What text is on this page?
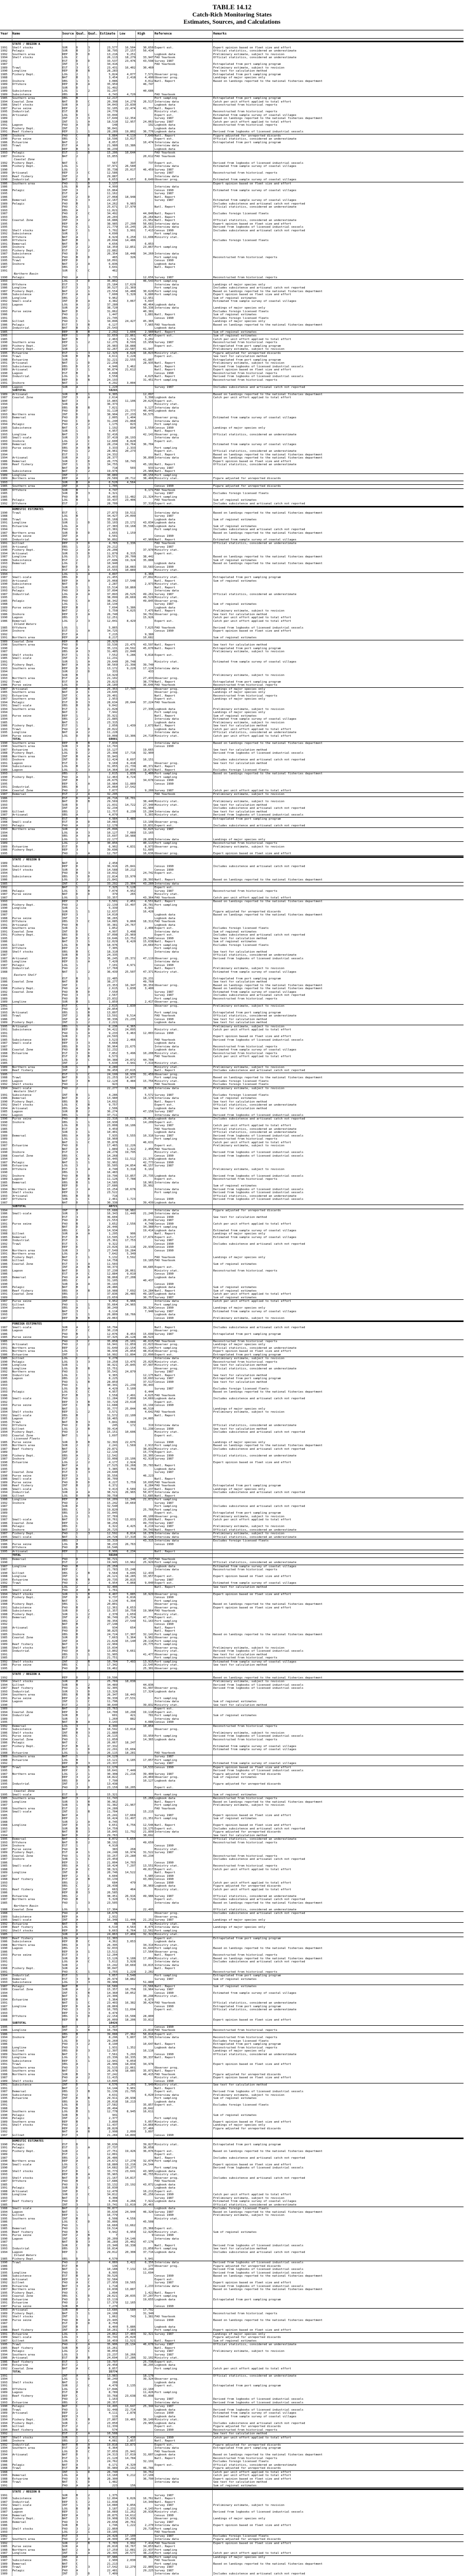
TABLE 14.12
Catch-Rich Monitoring States
Estimates, Sources, and Calculations
Year Name	Source Qual. Qual. Estimate Low	High	Reference	Remarks
STATE / REGION A
1991	Shelf stocks	SUR	D	3	23,577	16,504	30,650 Expert est.	Expert opinion based on fleet size and effort
1992	Pelagic	SUR	B	3	38,795	27,157	50,434	Official statistics, considered an underestimate
1992	Southern area	REP	D	D	13,216	9,251	Logbook data	Preliminary estimate, subject to revision
1994	Shelf stocks	LOG	C	26,113	18,279	33,947 FAO Yearbook	Official statistics, considered an underestimate
1992	EST	D	D	33,537	23,476	43,598 Survey 1987
1987	INT	3	34,416	FAO Yearbook	Extrapolated from port sampling program
1989	Trawl	EST	3	C	23,431	16,402	30,460	Preliminary estimate, subject to revision
1990	Longline	REP	B	B	28,283	See text for calculation method
1985	Fishery Dept.	LOG	2	5,824	4,077	7,571 Observer prog.	Extrapolated from port sampling program
1988	NAT	B	1	3,454	2,418	4,490 Observer prog.	Landings of major species only
1993	Inshore	OBS	1	C	3,086	4,012 Natl. Report	Based on landings reported to the national fisheries department
1989	Offshore	REP	D	A	35,959	46,747
1995	SUR	D	31,492
1989	Subsistence	LOG	1	2	31,297	40,686
1989	Subsistence	OBS	B	6,743	4,720	FAO Yearbook
1985	Southern area	OBS	B	12,217	Port sampling	Extrapolated from port sampling program
1994	Coastal Zone	NAT	D	C	20,398	14,279	26,517 Interview data	Catch per unit effort applied to total effort
1986	Shelf stocks	SUR	A	2	34,043	23,830	Logbook data	Reconstructed from historical reports
1987	Purse seine	REP	C	32,105	22,474	41,737 Natl. Report
1995	Industrial	EST	B	24,770	Ministry stat.	Reconstructed from historical reports
1991	Artisanal	LOG	D	C	33,044	Expert est.	Estimated from sample survey of coastal villages
1989	INT	3	3	17,649	12,354	Survey 1987	Based on landings reported to the national fisheries department
1988	INT	1	A	18,510	12,957	24,063 Survey 1987	Catch per unit effort applied to total effort
1991	Lagoon	FAO	A	D	148	192 Logbook data	Reconstructed from historical reports
1994	Fishery Dept.	INT	3	30,041	Logbook data
1991	Reef fishery	REP	1	1	28,289	19,802	36,776 Logbook data	Derived from logbooks of licensed industrial vessels
1990	Inshore	FAO	C	B	5,884	4,119	7,649 Natl. Report	Figure adjusted for unreported discards
1990	Purse seine	OBS	C	18,596	13,017	Expert est.	Official statistics, considered an underestimate
1986	Estuarine	NAT	2	8,057	10,474 Interview data	Extrapolated from port sampling program
1985	Trawl	EST	A	D	21,980	15,386	Interview data
1995	REP	B	C	36,239	Logbook data
1993	Pelagic	EST	1	D	15,206	10,644	FAO Yearbook
1987	Inshore	NAT	2	15,855	20,612 FAO Yearbook
Coastal Zone
1992	Fishery Dept.	NAT	C	567	397	737 Expert est.	Derived from logbooks of licensed industrial vessels
1986	Fishery Dept.	LOG	1	37,971	26,580	Interview data	Estimated from sample survey of coastal villages
1990	LOG	2	35,738	25,017	46,459 Survey 1987
1989	Artisanal	REP	3	C	12,586	Survey 1987	Reconstructed from historical reports
1993	Reef fishery	INT	2	29,887	Interview data
1990	Industrial	NAT	C	B	6,653	4,657	8,649 Observer prog.	Estimated from sample survey of coastal villages
1986	Southern area	FAO	1	D	3,137	Expert opinion based on fleet size and effort
1986	LOG	B	A	4,999	Interview data
1988	Pelagic	INT	3	15,864	Census 1990	Estimated from sample survey of coastal villages
1995	EST	A	11,162	Survey 1987
1986	INT	2	D	27,068	18,948	Natl. Report
1985	Demersal	FAO	C	3	22,167	Survey 1987	Estimated from sample survey of coastal villages
1989	Pelagic	FAO	B	14,262	9,983	Includes subsistence and artisanal catch not reported
1985	FAO	C	1	25,671	17,970	Natl. Report	Official statistics, considered an underestimate
1993	OBS	A	11,021
1987	FAO	C	C	34,492	44,840 Natl. Report	Excludes foreign licensed fleets
1993	OBS	A	20,203	26,264 Natl. Report
1992	Coastal Zone	INT	3	2	16,886	21,952 Natl. Report	Official statistics, considered an underestimate
1995	REP	A	38,985	27,290	50,681 Interview data	Expert opinion based on fleet size and effort
1995	FAO	C	1	21,779	15,245	28,313 Interview data	Derived from logbooks of licensed industrial vessels
1992	Shelf stocks	NAT	C	1	5,702	3,991	7,413 Census 1990	Includes subsistence and artisanal catch not reported
1992	Subsistence	SUR	3	4,690	Port sampling
1995	Offshore	NAT	A	8,929	6,250	11,608 Ministry stat.
1985	Offshore	NAT	B	1	20,694	14,486	Excludes foreign licensed fleets
1991	Demersal	NAT	B	4,656	6,053
1985	Inshore	INT	2	2	18,359	12,851	23,867 Port sampling
1993	Fishery Dept.	EST	3	2	22,882
1987	Subsistence	FAO	D	26,354	18,448	34,260 Interview data
1995	Inshore	FAO	B	D	465	326	Port sampling	Reconstructed from historical reports
1995	Trawl	REP	D	10,091	Census 1990
1985	Inshore	NAT	2	A	6,836	Logbook data
1987	OBS	3	3,641	Natl. Report
1991	SUR	C	C	462
Northern Basin
1990	Pelagic	FAO	A	9,735	12,656 Survey 1987	Reconstructed from historical reports
1993	LOG	3	D	35,802	46,543 Port sampling
1986	Offshore	EST	3	25,184	17,629	Interview data	Landings of major species only
1986	Longline	EST	3	3	30,527	21,369	Port sampling	Includes subsistence and artisanal catch not reported
1987	Fishery Dept.	NAT	2	1	23,554	16,488	30,620 Port sampling	Based on landings reported to the national fisheries department
1986	Subsistence	EST	A	A	7,600	5,320	9,880 Port sampling	Expert opinion based on fleet size and effort
1995	Longline	OBS	2	9,962	12,951	Sum of regional estimates
1992	Small-scale	INT	D	A	4,382	3,067	5,697	Estimated from sample survey of coastal villages
1993	Lagoon	LOG	A	2	37,280	48,464 Logbook data
1992	SUR	A	2	38,720	50,336 Interview data	Landings of major species only
1993	Purse seine	NAT	D	31,062	40,381	Excludes foreign licensed fleets
1986	FAO	2	1,447	1,881 Natl. Report	Sum of regional estimates
1991	OBS	1	21,745	Census 1990	Excludes foreign licensed fleets
1986	Gillnet	FAO	C	1	34,896	24,427	45,365	Landings of major species only
1986	Pelagic	EST	3	B	6,127	7,965 FAO Yearbook	Based on landings reported to the national fisheries department
1995	Industrial	NAT	B	C	25,543	Logbook data
1985	REP	B	B	2,292	1,604	2,980 Natl. Report	Sum of regional estimates
1995	REP	1	D	32,659	22,861	42,457 Expert est.	Sum of regional estimates
1985	NAT	B	2,463	1,724	3,202	Catch per unit effort applied to total effort
1990	Southern area	REP	1	2	12,275	8,593	15,958 Survey 1987	Reconstructed from historical reports
1989	Fishery Dept.	INT	1	26,983	18,888	Expert est.	Extrapolated from port sampling program
1989	Fishery Dept.	SUR	2	32,267	22,587	41,947	Preliminary estimate, subject to revision
1995	Estuarine	EST	1	3	12,325	8,628	16,023 Ministry stat.	Figure adjusted for unreported discards
1994	Trawl	SUR	B	B	4,611	3,228	Expert est.	See text for calculation method
1988	Estuarine	SUR	2	32,221	22,555	41,887	Extrapolated from port sampling program
1991	Artisanal	NAT	1	D	22,258	28,935 Natl. Report	Preliminary estimate, subject to revision
1993	Subsistence	OBS	D	C	4,946	3,462	Natl. Report	Derived from logbooks of licensed industrial vessels
1989	Artisanal	REP	3	1	30,874	21,612	Natl. Report	Expert opinion based on fleet size and effort
1990	Lagoon	EST	B	4,698	Census 1990	Reconstructed from historical reports
1994	Industrial	LOG	1	D	3,558	4,625 Natl. Report	Derived from logbooks of licensed industrial vessels
1995	REP	D	B	24,193	31,451 Port sampling	Reconstructed from historical reports
1991	Inshore	NAT	1	4,292	3,004
1993	Lagoon	SUR	A	1,220	Survey 1987	Includes subsistence and artisanal catch not reported
SUBTOTAL	58265
1989	Artisanal	SUR	B	1	9,305	12,097	Based on landings reported to the national fisheries department
1987	Coastal Zone	INT	3	A	2,614	3,398 Logbook data	Catch per unit effort applied to total effort
1990	NAT	3	15,865	11,106	20,625 Expert est.
1994	SUR	A	36,373	Ministry stat.
1990	OBS	B	B	7,021	9,127 Interview data
1987	FAO	D	31,110	21,777	40,443 Logbook data
1993	Northern area	INT	D	2	38,904	27,233	50,575
1993	Demersal	FAO	D	2,005	1,404	Observer prog.	Estimated from sample survey of coastal villages
1991	FAO	C	D	31,240	21,868	Interview data
1994	Pelagic	FAO	A	2	1,175	823	Port sampling
1985	Subsistence	NAT	C	3	1,192	834	1,550 Census 1990	Landings of major species only
1994	SUR	1	4,957	Natl. Report
1993	Longline	NAT	3	32,416	42,141 Observer prog.	Official statistics, considered an underestimate
1985	Small-scale	SUR	3	D	37,419	26,193	Interview data
1993	Inshore	LOG	2	C	12,600	8,820	Expert est.
1989	Demersal	INT	A	C	28,234	19,764	36,704	Estimated from sample survey of coastal villages
1993	Purse seine	OBS	A	B	3,333	2,333	Port sampling
1990	FAO	1	2	28,961	20,273	Expert est.	Official statistics, considered an underestimate
1994	EST	3	24,332	Natl. Report	Based on landings reported to the national fisheries department
1994	Artisanal	SUR	A	2	28,377	36,890 Interview data	Based on landings reported to the national fisheries department
1986	Demersal	SUR	C	D	26,775	18,743	Expert opinion based on fleet size and effort
1989	Reef fishery	INT	1	3	34,755	45,182 Natl. Report	Official statistics, considered an underestimate
1994	NAT	A	D	718	503	933 Survey 1987
1986	Subsistence	NAT	C	2	19,974	25,966 Natl. Report
1989	Longline	INT	2	30,889	40,156 Port sampling
1989	Northern area	REP	A	2	29,589	20,712	38,466 Ministry stat.	Figure adjusted for unreported discards
1993	SUR	B	A	6,520	4,564
1985	Southern area	INT	A	1	1,705	Census 1990	Figure adjusted for unreported discards
1985	Offshore	SUR	B	4,747	6,171 FAO Yearbook
1985	SUR	B	3	6,321	Survey 1987	Excludes foreign licensed fleets
1985	FAO	B	16,403	11,482	21,324 Port sampling
1986	Pelagic	LOG	B	1	33,437	23,406	FAO Yearbook	Sum of regional estimates
1992	Offshore	EST	2	28,700	37,310 Expert est.	Includes subsistence and artisanal catch not reported
DOMESTIC ESTIMATES
1990	Trawl	EST	C	27,873	19,511	Interview data	Based on landings reported to the national fisheries department
1988	LOG	B	34,427	24,099	Survey 1987
1986	Trawl	LOG	2	35,168	Logbook data	Sum of regional estimates
1991	Longline	SUR	1	D	33,103	23,172	43,034 Logbook data
1991	Estuarine	LOG	A	27,383	19,168	35,598 Logbook data	Sum of regional estimates
1994	FAO	3	23,381	Port sampling	Includes subsistence and artisanal catch not reported
1987	Northern area	SUR	D	D	1,655	1,159	Based on landings reported to the national fisheries department
1995	Purse seine	INT	A	6,501	Census 1990
1995	Industrial	FAO	A	36,892	47,960 Natl. Report	Estimated from sample survey of coastal villages
1991	Gillnet	REP	3	D	4,765	3,336	FAO Yearbook	Official statistics, considered an underestimate
1995	Artisanal	OBS	1	2	29,212	Survey 1987
1990	Fishery Dept.	FAO	2	A	29,208	37,970 Ministry stat.
1994	Artisanal	SUR	3	D	11,879	8,315	Expert est.
1987	Longline	LOG	1	3	29,571	20,700	38,442	Based on landings reported to the national fisheries department
1989	Subsistence	EST	2	27,606	19,324	35,888	Sum of regional estimates
1993	Demersal	LOG	C	10,940	Logbook data	Based on landings reported to the national fisheries department
1992	NAT	D	D	25,833	18,083	33,583 Census 1990
1992	EST	2	C	15,555	10,889	Ministry stat.
1994	LOG	1	A	4,897	6,366
1987	Small-scale	OBS	D	21,455	27,892 Ministry stat.	Extrapolated from port sampling program
1993	Artisanal	REP	A	A	25,068	17,548	Natl. Report	Sum of regional estimates
1990	Subsistence	NAT	D	2,287	2,973 Ministry stat.
1991	Gillnet	SUR	1	1	15,514	10,860	Natl. Report
1993	Pelagic	FAO	3	A	37,094	Interview data
1987	Industrial	LOG	A	A	37,893	26,525	49,261 Survey 1987	Official statistics, considered an underestimate
1995	OBS	C	38,099	26,669	49,529 Ministry stat.
1985	Pelagic	FAO	C	A	38,342	49,845 Observer prog.
1988	LOG	1	16,134	Survey 1987	Sum of regional estimates
1989	Purse seine	REP	B	7,694	5,386	Logbook data
1992	NAT	2	C	5,750	4,025	7,475 Natl. Report	Preliminary estimate, subject to revision
1986	Inshore	REP	C	A	26,740	34,762 Observer prog.	See text for calculation method
1990	Lagoon	OBS	3	12,251	15,926	Catch per unit effort applied to total effort
1986	Demersal	LOG	2	3	12,041	8,429	Expert est.	Catch per unit effort applied to total effort
Inland Waters
1985	Offshore	LOG	1	5,865	7,625 FAO Yearbook	Derived from logbooks of licensed industrial vessels
1994	Inshore	EST	1	A	34,725	Census 1990	Expert opinion based on fleet size and effort
1992	EST	A	7,215	9,380
1991	Northern area	REP	A	8,217	10,682	Sum of regional estimates
1989	Coastal Zone	REP	B	C	20,929
1990	Southern area	FAO	D	33,536	23,475	43,597 Natl. Report	See text for calculation method
1990	FAO	A	35,131	24,592	45,670 Natl. Report	Extrapolated from port sampling program
1987	OBS	A	3	31,485	22,040	Preliminary estimate, subject to revision
1989	Shelf stocks	EST	1	C	7,552	5,286	9,818 Expert est.
1985	Small-scale	INT	C	C	11,231
1991	SUR	1	A	29,640	20,748	Ministry stat.	Estimated from sample survey of coastal villages
1992	Fishery Dept.	NAT	A	A	30,569	21,398	39,740
1993	Southern area	REP	D	1	13,172	9,220	17,124 Interview data
1994	SUR	2	D	333	433
1994	SUR	B	14,929	Preliminary estimate, subject to revision
1993	Northern area	EST	A	21,102	27,433 Observer prog.
1992	Trawl	EST	A	1	29,823	38,770 Natl. Report	Extrapolated from port sampling program
1986	Purse seine	LOG	D	1	28,189	36,646 FAO Yearbook	Reconstructed from historical reports
1987	Artisanal	INT	D	B	25,353	17,747	Observer prog.	Landings of major species only
1985	Southern area	NAT	A	C	24,645	Observer prog.	Landings of major species only
1992	Estuarine	INT	C	A	29,401	Natl. Report	Reconstructed from historical reports
1987	Southern area	INT	D	1	2,953	Expert est.	Landings of major species only
1994	Pelagic	EST	D	3	28,634	20,044	37,224 FAO Yearbook
1991	Small-scale	OBS	B	D	9,042
1994	Southern area	EST	C	1	21,028	27,336 Logbook data	Preliminary estimate, subject to revision
1994	NAT	C	7,942	Port sampling	Landings of major species only
1995	Purse seine	REP	1	35,921	Natl. Report	Sum of regional estimates
1994	OBS	2	2	21,885	Interview data	Estimated from sample survey of coastal villages
1985	NAT	1	23,315	Logbook data	Preliminary estimate, subject to revision
1986	Fishery Dept.	EST	1	2,056	1,439	2,673 Natl. Report	See text for calculation method
1993	Trawl	FAO	2	D	20,022	Logbook data	Catch per unit effort applied to total effort
1995	Longline	NAT	A	2	11,228	Interview data	Official statistics, considered an underestimate
1994	Purse seine	LOG	D	D	19,008	13,306	24,710 Ministry stat.	Catch per unit effort applied to total effort
TOTAL	68081
1990	Southern area	REP	B	B	7,834	Interview data	Based on landings reported to the national fisheries department
1990	Southern area	SUR	3	D	13,793	Census 1990
1987	Estuarine	LOG	C	D	15,127	19,665	See text for calculation method
1988	Fishery Dept.	LOG	D	2	25,308	17,716	32,900	Derived from logbooks of licensed industrial vessels
1988	Northern area	INT	B	A	35,943
1993	Inshore	INT	D	C	12,424	8,697	16,151	Includes subsistence and artisanal catch not reported
1991	Lagoon	EST	C	1	9,169	6,418	Observer prog.	See text for calculation method
1994	Subsistence	LOG	B	2	31,055	21,739	40,372 Natl. Report
1989	Lagoon	LOG	1	3	14,364	10,055	18,673 Natl. Report	Excludes foreign licensed fleets
1993	OBS	C	2,615	1,830	3,400 Port sampling	Based on landings reported to the national fisheries department
1990	Fishery Dept.	FAO	A	3	12,463	8,724	Port sampling
1992	INT	B	26,675	34,678 Census 1990
1995	REP	C	A	16,984	11,889	Census 1990
1991	Industrial	OBS	B	25,060	17,542
1994	Coastal Zone	FAO	2	2	7,077	9,200 Survey 1987	Catch per unit effort applied to total effort
1987	Demersal	EST	2	A	32,295	FAO Yearbook	Preliminary estimate, subject to revision
1986	EST	D	A	26,716	18,701
1993	NAT	D	B	29,569	38,440 Ministry stat.	Preliminary estimate, subject to revision
1993	SUR	D	21,031	14,722	27,340 Ministry stat.	See text for calculation method
1994	INT	A	32,234	41,904	Includes subsistence and artisanal catch not reported
1989	Gillnet	OBS	2	2	11,757	8,230	15,284 Interview data	See text for calculation method
1987	Artisanal	OBS	A	4,079	5,303 Ministry stat.	Derived from logbooks of licensed industrial vessels
1992	EST	B	4,984	3,489	Extrapolated from port sampling program
1988	Small-scale	EST	A	D	10,083	13,108 Observer prog.
1993	Pelagic	FAO	A	2	12,178	15,831 Expert est.	Includes subsistence and artisanal catch not reported
1993	Northern area	SUR	A	25,096	32,625 Survey 1987
1994	LOG	A	3	10,127	7,089	13,165
1988	OBS	A	A	15,697	10,988
1993	LOG	1	22,177	28,830 Interview data	Landings of major species only
1989	LOG	2	B	30,856	40,113 Port sampling	Reconstructed from historical reports
1989	Estuarine	EST	D	6,902	4,831	8,973 Observer prog.	Preliminary estimate, subject to revision
1986	Fishery Dept.	REP	3	39,696	51,605
1995	FAO	1	A	12,797	16,636 Observer prog.	Expert opinion based on fleet size and effort
STATE / REGION B
1989	NAT	A	2,458
1995	Subsistence	REP	D	36,916	25,841	Census 1990	Includes subsistence and artisanal catch not reported
1994	Shelf stocks	SUR	A	14,588	10,212	Census 1990
1994	FAO	B	3	19,032	24,742 Expert est.
1993	Subsistence	OBS	3	D	22,814	15,970
1986	LOG	3	2	21,841	28,393 Natl. Report	Based on landings reported to the national fisheries department
1985	INT	C	33,292	23,304	43,280 Interview data
1992	NAT	1	2	7,325	5,128	Expert est.
1986	Pelagic	LOG	C	B	7,074	4,952	Survey 1987	Reconstructed from historical reports
1987	Purse seine	NAT	D	D	379	265	Ministry stat.
1987	LOG	1	33,357	43,364 FAO Yearbook	Catch per unit effort applied to total effort
1993	REP	3	3,501	2,451	4,551 Natl. Report	Based on landings reported to the national fisheries department
1986	Fishery Dept.	FAO	2	22,139	15,497	28,781 Port sampling
1990	Longline	SUR	1	5,339	6,941
1988	SUR	1	1	12,637	16,428	Figure adjusted for unreported discards
1987	REP	3	14,010	Logbook data	Based on landings reported to the national fisheries department
1988	Purse seine	INT	3	38,265	Logbook data
1993	Offshore	OBS	3	C	14,085	9,860	18,311 FAO Yearbook
1991	Artisanal	FAO	B	35,381	24,767	Logbook data
1988	Southern area	SUR	C	1,852	2,408 Expert est.	Excludes foreign licensed fleets
1991	Coastal Zone	INT	D	4,997	3,498	Interview data	Sum of regional estimates
1991	Fishery Dept.	OBS	D	C	37,098	25,969	Expert est.	Includes subsistence and artisanal catch not reported
1995	NAT	D	C	19,646	13,752	25,540 Census 1990	See text for calculation method
1986	NAT	3	1	12,029	8,420	15,638 Natl. Report	Sum of regional estimates
1995	Gillnet	LOG	D	B	18,976	24,669 Port sampling	Excludes foreign licensed fleets
1993	Offshore	REP	3	7,305	Port sampling
1988	Shelf stocks	OBS	B	C	18,310	Interview data	See text for calculation method
1987	SUR	B	3	24,335	Official statistics, considered an underestimate
1987	Artisanal	REP	D	3	36,245	25,372	47,119 Observer prog.	Derived from logbooks of licensed industrial vessels
1985	Longline	REP	1	A	7,420	Interview data
1987	Pelagic	LOG	1	7,101	4,971	Census 1990
1993	Industrial	FAO	2	17,760	Natl. Report	Preliminary estimate, subject to revision
1988	NAT	1	2	36,439	25,507	47,371 Ministry stat.	Estimated from sample survey of coastal villages
Eastern Shelf
1991	EST	B	1	22,485	29,231	Extrapolated from port sampling program
1986	Coastal Zone	NAT	B	38,277	49,760	See text for calculation method
1994	INT	C	23,353	16,347	30,359 Observer prog.	Based on landings reported to the national fisheries department
1988	Fishery Dept.	FAO	A	2	2,615	1,830	3,400	Based on landings reported to the national fisheries department
1992	Coastal Zone	FAO	B	D	7,550	Survey 1987	Estimated from sample survey of coastal villages
1985	FAO	3	3	2,567	Survey 1987	Includes subsistence and artisanal catch not reported
1989	FAO	D	23,832	Port sampling	Reconstructed from historical reports
1989	Longline	SUR	B	1	1,859	2,417 Observer prog.
1991	EST	C	2,615	1,830	Observer prog.	Preliminary estimate, subject to revision
1994	FAO	2	B	29,854
1993	Artisanal	OBS	1	B	13,897	Port sampling	Extrapolated from port sampling program
1985	Trawl	INT	2	B	13,591	9,514	FAO Yearbook	Official statistics, considered an underestimate
1986	INT	A	2	30,336	21,235	Census 1990	See text for calculation method
1989	Fishery Dept.	INT	1	2	2,221	Logbook data	See text for calculation method
1995	Artisanal	OBS	1	A	6,236	4,365	Preliminary estimate, subject to revision
1991	Subsistence	REP	D	D	34,422	24,095	Ministry stat.	Catch per unit effort applied to total effort
1991	FAO	1	A	9,233	6,463	12,003 Census 1990
1991	SUR	C	3	24,593	Expert opinion based on fleet size and effort
1985	Subsistence	REP	D	3,523	2,466	FAO Yearbook	Derived from logbooks of licensed industrial vessels
1987	Small-scale	REP	3	3	4,668	Logbook data
1987	OBS	D	3	30,964	21,675	Interview data	Reconstructed from historical reports
1988	Coastal Zone	FAO	B	A	12,232	Logbook data	Estimated from sample survey of coastal villages
1988	Estuarine	EST	3	D	7,852	5,496	10,208 Ministry stat.	Reconstructed from historical reports
1994	EST	C	B	6,573	FAO Yearbook	Catch per unit effort applied to total effort
1991	LOG	D	C	34,388	24,072	44,704
1985	INT	2	5,630	3,941	7,319 Ministry stat.
1989	Northern area	SUR	1	B	4,289	Ministry stat.	Preliminary estimate, subject to revision
1989	Reef fishery	INT	2	39,450	27,615	Natl. Report	Includes subsistence and artisanal catch not reported
1995	EST	1	C	24,199	16,939	31,459 Observer prog.
1988	Trawl	NAT	D	1	21,253	14,877	Port sampling	Based on landings reported to the national fisheries department
1993	Lagoon	NAT	3	B	12,120	8,484	15,756 Ministry stat.	Excludes foreign licensed fleets
1992	Shelf stocks	FAO	2	923	FAO Yearbook	Excludes foreign licensed fleets
1994	Small-scale	FAO	2	22,277	15,594	28,960 Interview data	Preliminary estimate, subject to revision
Western Shelf
1991	Subsistence	INT	B	1	4,286	5,572 Survey 1987	Excludes foreign licensed fleets
1986	Demersal	NAT	D	2	13,980	18,174 Interview data	Sum of regional estimates
1990	Fishery Dept.	OBS	B	1	14,692	Natl. Report	See text for calculation method
1992	Shelf stocks	LOG	C	B	9,757	Expert est.	Official statistics, considered an underestimate
1994	Artisanal	OBS	A	D	2,506	Logbook data	See text for calculation method
1985	Lagoon	SUR	B	2	36,274	47,156 Survey 1987
1992	Lagoon	OBS	1	D	37,711	Interview data	Derived from logbooks of licensed industrial vessels
1990	Purse seine	FAO	D	22,316	15,621	29,011 Logbook data	Includes subsistence and artisanal catch not reported
1990	Inshore	OBS	1	1	10,930	14,209 Expert est.
1992	LOG	B	1	23,008	16,106	Survey 1987	Catch per unit effort applied to total effort
1985	EST	A	4,459	FAO Yearbook	Official statistics, considered an underestimate
1986	SUR	C	1	10,401	Logbook data	Official statistics, considered an underestimate
1989	Demersal	OBS	A	D	7,935	5,555	10,316 Survey 1987	Derived from logbooks of licensed industrial vessels
1989	LOG	1	2	18,960	Port sampling	Reconstructed from historical reports
1991	NAT	1	C	35,870	46,631	Catch per unit effort applied to total effort
1987	Estuarine	FAO	D	17,465	12,226	Expert est.	Preliminary estimate, subject to revision
1993	NAT	A	1,889	1,322	2,456 FAO Yearbook
1990	Inshore	EST	3	28,278	19,795	Ministry stat.	Derived from logbooks of licensed industrial vessels
1988	Coastal Zone	OBS	C	A	14,268	Census 1990	Derived from logbooks of licensed industrial vessels
1994	INT	A	C	16,445	11,512	21,379 Logbook data
1987	Pelagic	NAT	1	1	32,902	42,773 Census 1990
1986	Estuarine	LOG	3	35,505	24,854	46,157 Survey 1987
1995	Offshore	EST	C	A	4,740	3,318	6,162	Preliminary estimate, subject to revision
1990	OBS	3	16,483
1992	Inshore	FAO	B	D	19,796	13,857	25,735 Logbook data	Derived from logbooks of licensed industrial vessels
1989	Lagoon	NAT	2	B	11,126	7,788	Expert est.	Reconstructed from historical reports
1985	Demersal	OBS	B	1	14,585	18,961 Interview data
1994	REP	D	27,686	35,992	Sum of regional estimates
1994	Northern area	NAT	2	A	15,254	10,678	Interview data	Derived from logbooks of licensed industrial vessels
1995	Shelf stocks	REP	3	23,522	Port sampling	Derived from logbooks of licensed industrial vessels
1993	Artisanal	OBS	B	D	716	Official statistics, considered an underestimate
1987	Offshore	SUR	1	C	2,461	1,723	Census 1990	Derived from logbooks of licensed industrial vessels
1987	NAT	D	1	30,338	39,439 Logbook data
SUBTOTAL	48721
1994	INT	B	15,688	10,982	Interview data	Figure adjusted for unreported discards
1986	Small-scale	SUR	3	16,343	11,440	21,246 Interview data
1994	EST	3	36,604	Census 1990	See text for calculation method
1987	FAO	D	21,553	28,019 Survey 1987
1991	Purse seine	FAO	B	3,652	2,556	4,748 Census 1990	Catch per unit effort applied to total effort
1985	NAT	D	2	26,446	34,380 Port sampling
1992	OBS	C	D	14,934	19,414 Logbook data	Estimated from sample survey of coastal villages
1988	Gillnet	SUR	A	A	1,295	906	Natl. Report	Landings of major species only
1985	Demersal	EST	B	13,595	9,517	17,674 Expert est.	Estimated from sample survey of coastal villages
1990	Industrial	EST	1	25,361	17,753	Survey 1987
1992	Trawl	EST	C	9,322	Census 1990	Includes subsistence and artisanal catch not reported
1985	REP	D	23,026	16,118	29,934 Census 1990
1994	Northern area	SUR	3	3	27,549	19,284	Census 1990
1991	Northern area	LOG	A	7,642	5,349
1985	Fishery Dept.	NAT	C	1	5,132	3,592	FAO Yearbook	Landings of major species only
1986	Gillnet	FAO	1	14,758	19,185 FAO Yearbook
1986	Coastal Zone	EST	3	A	11,503	Sum of regional estimates
1989	INT	A	B	34,373	44,685 Expert est.
1985	Lagoon	NAT	D	1	37,230	26,061	Ministry stat.	Reconstructed from historical reports
1986	EST	A	C	12,884	9,019	Census 1990
1985	Demersal	FAO	A	A	38,868	27,208	Logbook data
1995	OBS	C	31,105	40,437
1990	SUR	A	A	35,193	Census 1990
1985	Pelagic	NAT	B	28,486	Logbook data	Sum of regional estimates
1986	Reef fishery	OBS	A	B	10,988	7,692	14,284 Natl. Report	Sum of regional estimates
1991	Coastal Zone	OBS	3	37,836	26,485	49,187 Logbook data	Catch per unit effort applied to total effort
1989	OBS	2	23,659	30,757 Survey 1987	Sum of regional estimates
1987	Purse seine	INT	1	9,952	6,966	Interview data	Catch per unit effort applied to total effort
1992	Gillnet	FAO	1	1	35,664	24,965	Port sampling
1994	Inshore	OBS	A	1	30,249	39,324 Census 1990	Landings of major species only
1988	NAT	3	6,114	7,948 Survey 1987	Estimated from sample survey of coastal villages
1993	INT	1	1	26,809	18,766	Logbook data
1987	REP	B	B	29,063	Census 1990	Preliminary estimate, subject to revision
FOREIGN ESTIMATES
1987	Small-scale	SUR	A	C	10,794	Natl. Report	Includes subsistence and artisanal catch not reported
1986	Lagoon	EST	C	C	30,210	Observer prog.
1986	FAO	B	12,076	8,453	15,699 Survey 1987	Extrapolated from port sampling program
1985	Purse seine	FAO	2	1	37,325	26,128	48,523
1985	FAO	3	C	35,858	25,101	46,615 FAO Yearbook	Reconstructed from historical reports
1991	Artisanal	FAO	2	2	16,941	11,859	22,023 Observer prog.	Landings of major species only
1991	Northern area	REP	2	31,649	22,154	41,144 Port sampling	Official statistics, considered an underestimate
1991	Northern area	LOG	3	36,934	25,854	48,014 Observer prog.	Expert opinion based on fleet size and effort
1986	Estuarine	INT	1	16,992	11,894	22,090 Expert est.	Extrapolated from port sampling program
1985	Gillnet	LOG	C	C	9,278	Interview data	Preliminary estimate, subject to revision
1990	Pelagic	LOG	3	3	19,250	13,475	25,025 Ministry stat.	Reconstructed from historical reports
1990	Longline	SUR	1	36,921	25,845	47,997 Ministry stat.	See text for calculation method
1988	Longline	LOG	D	B	15,751	Observer prog.	Official statistics, considered an underestimate
1992	Northern area	FAO	1	35,541	24,879	Survey 1987
1990	Industrial	LOG	C	3	9,365	12,175 Natl. Report	See text for calculation method
1995	Lagoon	OBS	2	1	8,225	10,693 Survey 1987	Extrapolated from port sampling program
1985	FAO	1	B	28,859	37,517 Census 1990	See text for calculation method
1993	FAO	C	30,341	21,239	39,443
1991	LOG	D	A	4,429	3,100	Survey 1987	Excludes foreign licensed fleets
1993	Pelagic	LOG	C	C	4,957	6,444	Based on landings reported to the national fisheries department
1986	EST	B	3	3,558	2,491	4,625 FAO Yearbook
1990	Small-scale	FAO	1	11,284	7,899	14,669 Logbook data	Includes subsistence and artisanal catch not reported
1992	REP	3	B	33,729	23,610	Expert est.
1993	Purse seine	INT	C	B	11,688	15,194 Census 1990
1988	NAT	1	35,777	25,044	46,510	Landings of major species only
1994	Shelf stocks	REP	1	2	3,571	4,642 FAO Yearbook	Preliminary estimate, subject to revision
1992	Small-scale	OBS	B	31,572	22,100	Natl. Report
1985	Lagoon	EST	1	18,465	24,005
1995	Trawl	NAT	B	3	5,841	4,089
1992	Offshore	FAO	C	D	245	172	319 Interview data	Official statistics, considered an underestimate
1995	Gillnet	LOG	2	B	39,414	51,238 Census 1990	See text for calculation method
1994	Fishery Dept.	FAO	3	15,151	10,606	Ministry stat.	Includes subsistence and artisanal catch not reported
1993	Coastal Zone	NAT	1	A	1,697	Expert est.
Licensed Fleets
1985	Purse seine	SUR	D	B	32,393	22,675	Census 1990	Landings of major species only
1995	Northern area	SUR	2	C	2,241	1,569	2,913 Port sampling	Based on landings reported to the national fisheries department
1987	Reef fishery	NAT	C	29,871	38,832 Ministry stat.	Includes subsistence and artisanal catch not reported
1989	INT	D	12,134	15,774 Expert est.
1990	Fishery Dept.	OBS	A	2	12,542	16,305 Census 1990	Official statistics, considered an underestimate
1987	Inshore	INT	2	C	33,008	23,106	42,910 Survey 1987
1990	Estuarine	LOG	2	2	4,177	2,924	Expert opinion based on fleet size and effort
1995	NAT	A	27,525	19,268	35,783 Natl. Report
1995	EST	B	D	5,385	3,769	Logbook data
1987	Coastal Zone	EST	C	3	24,640	Survey 1987
1990	Purse seine	REP	3	35,556	46,223
1986	Small-scale	EST	A	1	36,709	Natl. Report
1989	Purse seine	FAO	D	D	8,227	5,759	10,695 FAO Yearbook
1986	Reef fishery	INT	B	2	6,372	8,284 FAO Yearbook	Extrapolated from port sampling program
1986	Small-scale	LOG	C	9,413	6,589	12,237 Natl. Report	Landings of major species only
1994	Industrial	SUR	A	A	38,521	26,965	50,077 Interview data	Includes subsistence and artisanal catch not reported
1986	Gillnet	LOG	D	B	39,758	51,685 Natl. Report
1988	Longline	REP	B	16,209	11,346	21,072 Port sampling
1992	Inshore	FAO	2	15,242	10,669	Survey 1987
1987	SUR	D	32,540	Port sampling	Includes subsistence and artisanal catch not reported
1989	OBS	C	3	19,820	25,766 Port sampling
1989	OBS	3	3	31,045	Expert est.	Extrapolated from port sampling program
1992	LOG	2	1	37,769	49,100 Observer prog.	Preliminary estimate, subject to revision
1987	Small-scale	NAT	3	19,761	13,833	25,689 Natl. Report	Catch per unit effort applied to total effort
1986	Coastal Zone	REP	1	38,256	49,733 Survey 1987
1986	Pelagic	OBS	C	6,322	4,425	8,219 Survey 1987	Preliminary estimate, subject to revision
1989	Inshore	NAT	2	3	26,725	34,743 Natl. Report	Official statistics, considered an underestimate
1987	Fishery Dept.	FAO	1	3	12,592	8,814	16,370 Interview data	Preliminary estimate, subject to revision
1995	Small-scale	NAT	C	24,728	17,310	32,146 Interview data	Official statistics, considered an underestimate
1994	OBS	3	33,319	43,315 Interview data	Excludes foreign licensed fleets
1986	Purse seine	LOG	B	38,233	26,763	Census 1990
1988	Offshore	FAO	B	16,546
1995	Artisanal	REP	1	8,906	6,234	Natl. Report
TOTAL	56194
1991	Demersal	FAO	D	36,721	47,737 FAO Yearbook
1990	EST	2	19,945	13,962	25,929 Port sampling	Official statistics, considered an underestimate
1987	Longline	FAO	B	25,250	Logbook data	Estimated from sample survey of coastal villages
1987	REP	C	21,783	15,248	Interview data	Reconstructed from historical reports
1990	Gillnet	OBS	2	B	9,564	6,695	12,433
1988	Longline	INT	1	26,121	18,285	33,957 Expert est.	Expert opinion based on fleet size and effort
1994	Estuarine	FAO	B	B	29,735	20,815	Survey 1987
1992	Trawl	FAO	C	2	6,954	4,868	9,040 Expert est.	Estimated from sample survey of coastal villages
1989	LOG	2	32,406	Natl. Report	See text for calculation method
1995	Small-scale	FAO	A	B	1,761
1994	Shelf stocks	SUR	1	B	8,407	5,885	10,929 Observer prog.	Expert opinion based on fleet size and effort
1993	Fishery Dept.	INT	D	A	9,737	6,816	Census 1990
1990	NAT	C	9,134	6,394	Port sampling
1988	Fishery Dept.	OBS	1	20,801	Observer prog.	Based on landings reported to the national fisheries department
1991	Subsistence	FAO	B	12,361	8,653	Observer prog.	Expert opinion based on fleet size and effort
1986	Subsistence	SUR	D	C	15,357	10,750	19,964 FAO Yearbook
1988	Fishery Dept.	SUR	1	2	2,370	1,659	Ministry stat.
1991	Demersal	INT	A	C	36,749	25,724	47,774 Expert est.
1992	OBS	2	39,356	27,549	51,163 Port sampling
1992	NAT	B	27,148	Census 1990
1986	Artisanal	OBS	A	934	654	Natl. Report
1993	FAO	D	30,825	Natl. Report
1985	Inshore	OBS	B	24,724	17,307	32,141 Port sampling	Based on landings reported to the national fisheries department
1985	Coastal Zone	SUR	D	7,663	5,364	9,962 Observer prog.
1995	INT	A	21,628	15,140	28,116 Port sampling
1989	Reef fishery	NAT	3	22,904	29,775 Port sampling
1986	Shelf stocks	NAT	D	15,034	Observer prog.	Preliminary estimate, subject to revision
1985	Industrial	FAO	A	D	13,802	9,661	Ministry stat.	Derived from logbooks of licensed industrial vessels
1991	OBS	3	1	31,905	41,477 Observer prog.	See text for calculation method
1985	EST	1	21,751	Port sampling	Reconstructed from historical reports
1992	Shelf stocks	INT	2	B	10,704	7,493	13,915 Port sampling	Estimated from sample survey of coastal villages
1985	Purse seine	OBS	C	1	17,342	22,545 Ministry stat.	See text for calculation method
1995	FAO	D	19,462	25,301 Observer prog.
STATE / REGION A
1992	REP	D	2	19,596	Based on landings reported to the national fisheries department
1994	Shelf stocks	SUR	B	25,769	18,038	Preliminary estimate, subject to revision
1994	Gillnet	SUR	B	2	34,489	44,836	Derived from logbooks of licensed industrial vessels
1987	Reef fishery	FAO	1	B	32,305	41,997 Observer prog.	Derived from logbooks of licensed industrial vessels
1993	Industrial	SUR	3	D	13,326	17,324 Logbook data
1994	Southern area	OBS	B	B	26,347	18,443
1991	Purse seine	REP	2	D	39,330	27,531	Port sampling
1994	Lagoon	INT	1	C	11,796	Interview data	Sum of regional estimates
1990	EST	2	3	30,640	39,832 Ministry stat.	See text for calculation method
1989	NAT	2	2	23,763	Expert est.
1994	Coastal Zone	REP	D	14,700	10,290	19,110 Expert est.
1994	Industrial	SUR	B	2	601	421	781 Port sampling	Sum of regional estimates
1989	SUR	3	1,260	882	Interview data
1995	NAT	B	A	3,143	4,086 Census 1990
1992	Demersal	LOG	3	8,349	10,854	Reconstructed from historical reports
1992	Subsistence	NAT	D	3	18,592	13,014	Observer prog.
1986	Shelf stocks	INT	B	3	21,880	Preliminary estimate, subject to revision
1991	Purse seine	OBS	C	1	26,115	33,950 Port sampling	Derived from logbooks of licensed industrial vessels
1994	Coastal Zone	FAO	1	11,050	14,365 Logbook data	Reconstructed from historical reports
1986	Pelagic	NAT	C	26,067	18,247
1987	Fishery Dept.	EST	B	C	37,332	Estimated from sample survey of coastal villages
1991	EST	1	D	22,291	15,604	Estimated from sample survey of coastal villages
1988	Estuarine	LOG	1	D	26,115	18,281	FAO Yearbook
1989	Southern area	NAT	1	24,129	Survey 1987
1988	Estuarine	LOG	B	13,121	9,185	17,057 Port sampling
1992	REP	B	3	23,337	Survey 1987	Estimated from sample survey of coastal villages
1987	Trawl	NAT	1	D	11,179	14,533 Census 1990	Expert opinion based on fleet size and effort
1995	REP	C	1	10,641	7,449	Derived from logbooks of licensed industrial vessels
1987	Northern area	LOG	2	1	30,308	21,216	39,400 Survey 1987	Figure adjusted for unreported discards
1988	REP	3	2	18,822	24,469 Observer prog.	Sum of regional estimates
1986	OBS	D	A	7,790	10,127 Logbook data
1995	Industrial	INT	3	13,438	Figure adjusted for unreported discards
1995	FAO	3	D	23,150	16,205	Expert est.
Coastal Zone
1995	Small-scale	EST	D	15,321	Port sampling	Sum of regional estimates
1985	Southern area	NAT	3	2	11,743	15,266 Logbook data	Reconstructed from historical reports
1989	Longline	SUR	3	B	36,962	Natl. Report	Based on landings reported to the national fisheries department
1987	SUR	1	B	31,382	21,967	Port sampling	Preliminary estimate, subject to revision
1988	Southern area	EST	2	24,280	FAO Yearbook
1994	Small-scale	INT	1	B	11,704	15,215
1985	NAT	A	25,241	17,669	Survey 1987	Expert opinion based on fleet size and effort
1995	REP	1	16,424	11,497	21,351 Port sampling	Sum of regional estimates
1988	SUR	2	A	8,745
1988	Longline	INT	D	3	9,651	6,756	12,546 Natl. Report	Expert opinion based on fleet size and effort
1993	SUR	B	1	14,750	19,175 Expert est.	Includes subsistence and artisanal catch not reported
1987	NAT	B	3	16,845	11,792	21,899 Interview data	Figure adjusted for unreported discards
1994	NAT	D	2	29,763	38,692	See text for calculation method
1995	Demersal	NAT	C	C	8,072	5,650	Official statistics, considered an underestimate
1993	Offshore	NAT	D	2	38,192	49,650	Reconstructed from historical reports
1994	Inshore	EST	1	4,910	Census 1990
1987	Purse seine	FAO	D	383	268	Ministry stat.
1989	Fishery Dept.	EST	A	1	24,248	16,974	31,522 Survey 1987
1985	Coastal Zone	FAO	1	3	33,257	23,280	43,234	Reconstructed from historical reports
1987	Inshore	SUR	1	C	23,459	Includes subsistence and artisanal catch not reported
1986	REP	3	21,004	14,703	Census 1990
1985	Small-scale	OBS	A	C	10,424	7,297	13,551 Ministry stat.	Reconstructed from historical reports
1988	EST	A	C	38,321	49,817 Expert est.	Catch per unit effort applied to total effort
1989	Longline	INT	D	20,746	14,522	Natl. Report
1987	REP	2	C	4,604	5,985 Census 1990
1988	Reef fishery	EST	A	B	33,139	43,081 Census 1990
1993	OBS	2	684	479	Census 1990	Catch per unit effort applied to total effort
1992	OBS	C	2	28,438	36,969 Logbook data	Figure adjusted for unreported discards
1991	Reef fishery	INT	2	C	663	464	Ministry stat.	Catch per unit effort applied to total effort
1986	REP	B	3	26,585
1990	Estuarine	OBS	2	38,451	26,916	49,986 Survey 1987	Official statistics, considered an underestimate
1987	Northern area	FAO	B	5,320	3,724	Expert est.	Includes subsistence and artisanal catch not reported
1985	FAO	1	3	23,505	Interview data	Based on landings reported to the national fisheries department
Northern Basin
1988	Coastal Zone	LOG	2	1	17,304	22,495	Official statistics, considered an underestimate
1988	FAO	A	18,676	Observer prog.	Includes subsistence and artisanal catch not reported
1989	Subsistence	REP	A	2,932	Observer prog.
1995	Small-scale	INT	A	16,348	11,444	21,252 Survey 1987	Landings of major species only
1992	Estuarine	NAT	C	48	34	62 Ministry stat.
1990	Reef fishery	LOG	D	6,519	4,563	8,475 Interview data	Landings of major species only
1992	Shelf stocks	REP	D	9,663	6,764	12,562 Port sampling
1985	SUR	A	24,863	17,404	32,322 Ministry stat.
1993	Reef fishery	LOG	A	11,303	Expert est.	Extrapolated from port sampling program
1986	Subsistence	REP	B	C	4,362	3,053	Logbook data
1988	Northern area	OBS	A	3	26,395	34,314 Ministry stat.
1990	Lagoon	OBS	3	32,033	41,643 Port sampling	Based on landings reported to the national fisheries department
1986	REP	A	1	13,511	17,564 Observer prog.
1993	Purse seine	EST	3	12,204	Natl. Report	Reconstructed from historical reports
1995	SUR	D	C	13,126	9,188	17,064 Ministry stat.	Based on landings reported to the national fisheries department
1991	LOG	A	C	5,612	3,928	Interview data	Includes subsistence and artisanal catch not reported
1992	SUR	2	15,242	10,669	19,815 Interview data
1988	Fishery Dept.	SUR	A	30,047	Natl. Report
1991	FAO	C	1	1,755	1,229	2,282	Reconstructed from historical reports
1994	Industrial	EST	1	5,057	3,540	Port sampling	Extrapolated from port sampling program
1993	Demersal	EST	3	D	26,974	18,882	Survey 1987	Sum of regional estimates
1993	Subsistence	LOG	3	3	39,908	51,880
1987	Pelagic	NAT	B	16,589	21,566 Natl. Report	Sum of regional estimates
1989	Coastal Zone	SUR	A	2	15,357	10,750	19,964 Survey 1987
1994	INT	C	B	14,360	10,052	Census 1990	Estimated from sample survey of coastal villages
1986	NAT	C	C	23,306	30,298 Ministry stat.
1994	Estuarine	REP	B	5,364	6,973
1991	NAT	1	C	23,403	16,382	30,424 FAO Yearbook	Official statistics, considered an underestimate
1987	Longline	REP	D	A	28,869	Census 1990	Extrapolated from port sampling program
1985	FAO	3	3	16,705	11,694	Expert est.	Official statistics, considered an underestimate
1993	REP	1	3	6,474
1988	Offshore	OBS	3	D	22,154	15,508	28,800
1988	REP	B	26,009	18,206	33,812	Expert opinion based on fleet size and effort
SUBTOTAL	18426
1995	NAT	3	2	1,417	Census 1990
1986	Longline	INT	1	B	16,784	21,819 FAO Yearbook	Reconstructed from historical reports
1986	OBS	B	39,088	27,362	50,814 Expert est.
1994	Inshore	NAT	2	8,296	5,807	10,785 Interview data	Reconstructed from historical reports
1992	LOG	D	3	29,260	Excludes foreign licensed fleets
1986	FAO	3	2	8,190	10,647 Natl. Report	Extrapolated from port sampling program
1988	Longline	FAO	3	1,931	1,352	Logbook data	Reconstructed from historical reports
1988	Gillnet	OBS	D	3	12,397	16,116	Landings of major species only
1989	Southern area	NAT	C	7,561	5,293	Census 1990	Official statistics, considered an underestimate
1992	Longline	LOG	C	1	23,336	16,335	30,337 Natl. Report
1994	Subsistence	REP	C	1	12,941	9,059
1991	Trawl	OBS	A	26,906	18,834	34,978	Expert opinion based on fleet size and effort
1986	Southern area	FAO	3	31,515	22,061	Observer prog.
1995	Southern area	NAT	1	26,978	18,885	35,071 Natl. Report
1988	Northern area	SUR	B	3	37,242	48,415 FAO Yearbook	Figure adjusted for unreported discards
1987	FAO	A	2	11,415	Ministry stat.	Expert opinion based on fleet size and effort
1989	Shelf stocks	INT	C	13,695	Census 1990
1991	Subsistence	INT	D	C	4,576	3,203	5,949 Ministry stat.	See text for calculation method
1991	NAT	2	14,144	9,901	Natl. Report
1987	Demersal	OBS	3	B	31,136	21,795	Expert est.	Derived from logbooks of licensed industrial vessels
1994	Subsistence	FAO	2	4,631	6,020 Interview data	Preliminary estimate, subject to revision
1995	Estuarine	INT	D	B	29,911	20,938	Port sampling	Sum of regional estimates
1986	OBS	A	1	26,018	18,213	Logbook data
1991	LOG	B	3	27,582	35,857 Expert est.	Excludes foreign licensed fleets
1988	FAO	B	20,494	26,642
1994	Southern area	LOG	B	1	12,778	8,945	16,611
1990	Pelagic	SUR	B	941	Sum of regional estimates
1994	Pelagic	INT	2	1	2,377	Port sampling
1989	Southern area	REP	B	3,890	5,057 Ministry stat.	Expert opinion based on fleet size and effort
1991	Shelf stocks	FAO	2	11,437	14,868 Ministry stat.	Landings of major species only
1989	REP	2	B	28,820	37,466	Figure adjusted for unreported discards
1992	NAT	A	B	2,998	2,099	3,897
1987	Gillnet	EST	3	21,284	14,899	Census 1990
DOMESTIC ESTIMATES
1990	Pelagic	EST	D	30,636	39,827 Ministry stat.	Extrapolated from port sampling program
1991	Pelagic	EST	1	A	27,737	36,058
1992	Fishery Dept.	SUR	2	27,751	19,426	36,076 Expert est.	Based on landings reported to the national fisheries department
1989	EST	1	12,001	Expert est.
1987	OBS	2	A	26,486	Natl. Report	Includes subsistence and artisanal catch not reported
1990	Northern area	REP	A	24,672	17,270	32,074 Port sampling
1994	Small-scale	LOG	C	18,880	13,216	24,544	Expert opinion based on fleet size and effort
1990	INT	1	C	14,682	10,277	Port sampling	Derived from logbooks of licensed industrial vessels
1990	Shelf stocks	EST	D	33,773	23,641	43,905 Logbook data
1993	REP	B	A	35,965	46,755 Ministry stat.
1993	Shelf stocks	NAT	D	3	21,167	14,817	Observer prog.	Includes subsistence and artisanal catch not reported
1987	Offshore	FAO	B	17,686	FAO Yearbook
1985	FAO	3	33,132	23,192	43,072 Logbook data
1991	Pelagic	SUR	D	C	16,030	Logbook data
1988	Artisanal	INT	D	12,470	16,211 Expert est.
1989	Longline	SUR	2	C	34,812	45,256 Census 1990	Catch per unit effort applied to total effort
1993	NAT	3	4,308	Survey 1987	Preliminary estimate, subject to revision
1987	Reef fishery	FAO	D	6,094	4,266	7,922 Logbook data	Estimated from sample survey of coastal villages
1985	INT	3	3	15,741	11,019	20,463	Official statistics, considered an underestimate
1988	Small-scale	NAT	2	39,877	Logbook data	Excludes foreign licensed fleets
1994	Lagoon	NAT	1	35,634	24,944	46,324 Survey 1987	Based on landings reported to the national fisheries department
1992	Gillnet	REP	1	C	16,779	Census 1990	Preliminary estimate, subject to revision
1995	Southern area	INT	B	6,508	4,556	Ministry stat.
1986	LOG	C	D	35,006	45,508
1985	FAO	1	16,660	11,662
1985	Demersal	FAO	1	19,514	25,368 Expert est.
1995	Reef fishery	FAO	B	C	9,942	6,959	12,925 Ministry stat.	Sum of regional estimates
1991	Purse seine	INT	2	B	7	9 Census 1990
1990	Lagoon	INT	C	D	20,209	14,146	Interview data
1987	NAT	B	3	36,289	25,402	47,176
1991	SUR	C	D	23,340	16,338	Natl. Report	Derived from logbooks of licensed industrial vessels
1993	Industrial	OBS	3	16,814	21,858 Port sampling	See text for calculation method
1994	Lagoon	REP	C	29,012	20,308	37,716 Logbook data	Includes subsistence and artisanal catch not reported
Inland Waters
1985	Fishery Dept.	OBS	D	1	4,570	5,941
1990	Trawl	FAO	2	A	4,889	3,422	6,356 Interview data	Derived from logbooks of licensed industrial vessels
1986	EST	B	136	177 Observer prog.	Figure adjusted for unreported discards
1989	NAT	1	10,188	7,132	13,244	Derived from logbooks of licensed industrial vessels
1995	Longline	FAO	D	8,995	11,694	Derived from logbooks of licensed industrial vessels
1986	Subsistence	EST	B	A	39,526	Census 1990	Based on landings reported to the national fisheries department
1986	Artisanal	REP	3	C	32,584	Expert est.
1992	Gillnet	FAO	A	C	27,950	19,565	Survey 1987	Expert opinion based on fleet size and effort
1989	Estuarine	NAT	3	A	1,718	2,233 Interview data	Derived from logbooks of licensed industrial vessels
1987	Northern area	REP	C	2	19,838	13,887	Based on landings reported to the national fisheries department
1995	Fishery Dept.	FAO	C	1,094	1,422 Natl. Report
1993	Coastal Zone	OBS	C	D	28,621	20,035	37,207 Port sampling
1988	Estuarine	FAO	D	1	15,119	19,655 Logbook data	Extrapolated from port sampling program
1991	Estuarine	FAO	2	17,379	12,165
1987	Purse seine	SUR	B	7,270	Census 1990
1993	Artisanal	SUR	B	C	13,686	9,580	17,792
1989	Fishery Dept.	NAT	3	1	24,108	31,340	Reconstructed from historical reports
1992	Shelf stocks	INT	1	1,062	743	1,381 FAO Yearbook
1990	Purse seine	FAO	B	A	23,445	Census 1990	Based on landings reported to the national fisheries department
1987	EST	D	D	8,750
1986	INT	B	8,409	5,886	Logbook data
1988	Reef fishery	INT	A	10,261	7,183	Port sampling	Expert opinion based on fleet size and effort
1991	Estuarine	LOG	C	1	24,862	17,403	32,321 Survey 1987	Landings of major species only
1989	Small-scale	LOG	3	35,743	25,020	Figure adjusted for unreported discards
1987	Gillnet	SUR	C	C	16,459	11,521	Natl. Report	Sum of regional estimates
1995	Trawl	FAO	C	A	35,906	25,134	46,678 Survey 1987	Official statistics, considered an underestimate
1985	Reef fishery	SUR	B	2	15,261	Natl. Report
1995	Pelagic	LOG	2	C	36,059	Survey 1987	Preliminary estimate, subject to revision
1994	Southern area	LOG	3	23,237	16,266	Survey 1987
1986	Artisanal	EST	B	B	24,694	17,286	32,102 Ministry stat.
1986	Reef fishery	EST	1	19,797	25,736 Expert est.
1990	Estuarine	EST	2	29,458	38,295 Logbook data
1992	Coastal Zone	NAT	A	C	8,857	Port sampling	Catch per unit effort applied to total effort
TOTAL	35774
1991	INT	A	C	13,983	18,178	Official statistics, considered an underestimate
1994	LOG	1	D	30,249	39,324 Observer prog.
1993	Shelf stocks	NAT	2	208	Logbook data
1991	SUR	2	C	4,478	3,135	Expert est.	Extrapolated from port sampling program
1985	Offshore	LOG	2	17,046	22,160
1989	Lagoon	EST	B	8,789	11,426 Port sampling
1993	Reef fishery	REP	C	33,768	23,638	43,898
1989	FAO	2	1,163	Survey 1987	Derived from logbooks of licensed industrial vessels
1993	Estuarine	OBS	C	20,357	Interview data	Derived from logbooks of licensed industrial vessels
1990	Pelagic	NAT	C	3	19,495	13,647	25,344 Survey 1987
1988	Trawl	FAO	1	32,448	22,714	Logbook data	Derived from logbooks of licensed industrial vessels
1989	Artisanal	REP	2	4,111	2,878	Census 1990	Estimated from sample survey of coastal villages
1993	REP	3	119	Logbook data	Estimated from sample survey of coastal villages
1994	Fishery Dept.	SUR	C	B	27,807	19,465	36,149 Ministry stat.
1994	Fishery Dept.	SUR	C	2	23,050	29,965 Logbook data	Includes subsistence and artisanal catch not reported
1985	Gillnet	EST	2	11,339	Expert est.	Figure adjusted for unreported discards
1994	Reef fishery	LOG	D	574	Census 1990	Reconstructed from historical reports
1992	EST	C	A	10,508	See text for calculation method
1987	Shelf stocks	SUR	1	4,912	3,438	Census 1990	Catch per unit effort applied to total effort
1986	Inshore	OBS	2	C	4,081	2,857	Natl. Report
1992	Industrial	NAT	B	A	19,818	13,873	Expert est.	Figure adjusted for unreported discards
1994	Southern area	EST	2	B	6,364	Interview data	Extrapolated from port sampling program
1993	LOG	D	C	37,059	25,941	FAO Yearbook
1994	Artisanal	NAT	D	24,313	17,019	31,607 Logbook data	Based on landings reported to the national fisheries department
1986	EST	1	C	21,120	14,784	Natl. Report	Reconstructed from historical reports
1988	LOG	3	24,762	32,191	Excludes foreign licensed fleets
1986	Pelagic	NAT	A	6,171	4,320	Expert est.	Official statistics, considered an underestimate
1988	Trawl	EST	B	3	35,989	25,192	46,786	Figure adjusted for unreported discards
1988	INT	1	D	26,740	34,762	Catch per unit effort applied to total effort
1995	Demersal	LOG	A	13,160	9,212	17,108	Catch per unit effort applied to total effort
1988	Estuarine	FAO	3	B	28,300	36,790 Interview data	Expert opinion based on fleet size and effort
1988	Trawl	NAT	C	D	1,482	Interview data	See text for calculation method
1991	FAO	A	A	223	156	Sum of regional estimates
STATE / REGION B
1991	SUR	B	2	1,375	Survey 1987
1990	Subsistence	NAT	1	1	12,894	9,026	16,762 Natl. Report
1987	Industrial	REP	C	2	11,038	14,349 Natl. Report
1992	Small-scale	INT	1	3	14,080	9,856	Survey 1987	Preliminary estimate, subject to revision
1995	Lagoon	LOG	B	B	3,187	2,231	4,143 Port sampling
1987	Lagoon	REP	1	16,089	11,262	20,916 Ministry stat.	Derived from logbooks of licensed industrial vessels
1994	Demersal	REP	A	3	20,875	14,612	Census 1990
1993	Fishery Dept.	NAT	3	19,908	13,936	Observer prog.	Landings of major species only
1995	Demersal	FAO	3	29,658	20,761	Survey 1987
1986	SUR	B	1	1,746	1,222	2,270 Interview data	Expert opinion based on fleet size and effort
1993	Shelf stocks	FAO	3	2	22,860	29,718 Port sampling
1993	LOG	2	1	19,105	FAO Yearbook
1992	EST	3	24,428	17,100	Survey 1987	Excludes foreign licensed fleets
1987	Southern area	FAO	2	A	28,999	20,299	Interview data	Figure adjusted for unreported discards
1992	SUR	2	B	5,703	3,992	7,414 FAO Yearbook	Expert opinion based on fleet size and effort
1985	Purse seine	SUR	A	26,810	18,767	34,853 Natl. Report
1988	Northern area	NAT	2	A	17,259	12,081	22,437 Port sampling
1987	Longline	INT	C	A	29,395	20,577	38,214 Port sampling	Catch per unit effort applied to total effort
1995	INT	A	37,986	49,382 Port sampling	Landings of major species only
1987	Subsistence	OBS	C	2,900	2,030	FAO Yearbook
1989	Demersal	NAT	C	21,213	Port sampling	Based on landings reported to the national fisheries department
1989	Trawl	REP	C	3	17,542	12,279	22,805 Survey 1987
1993	Pelagic	FAO	A	22,481	29,225 Survey 1987
1989	INT	1	D	7,409	Interview data	Includes subsistence and artisanal catch not reported
